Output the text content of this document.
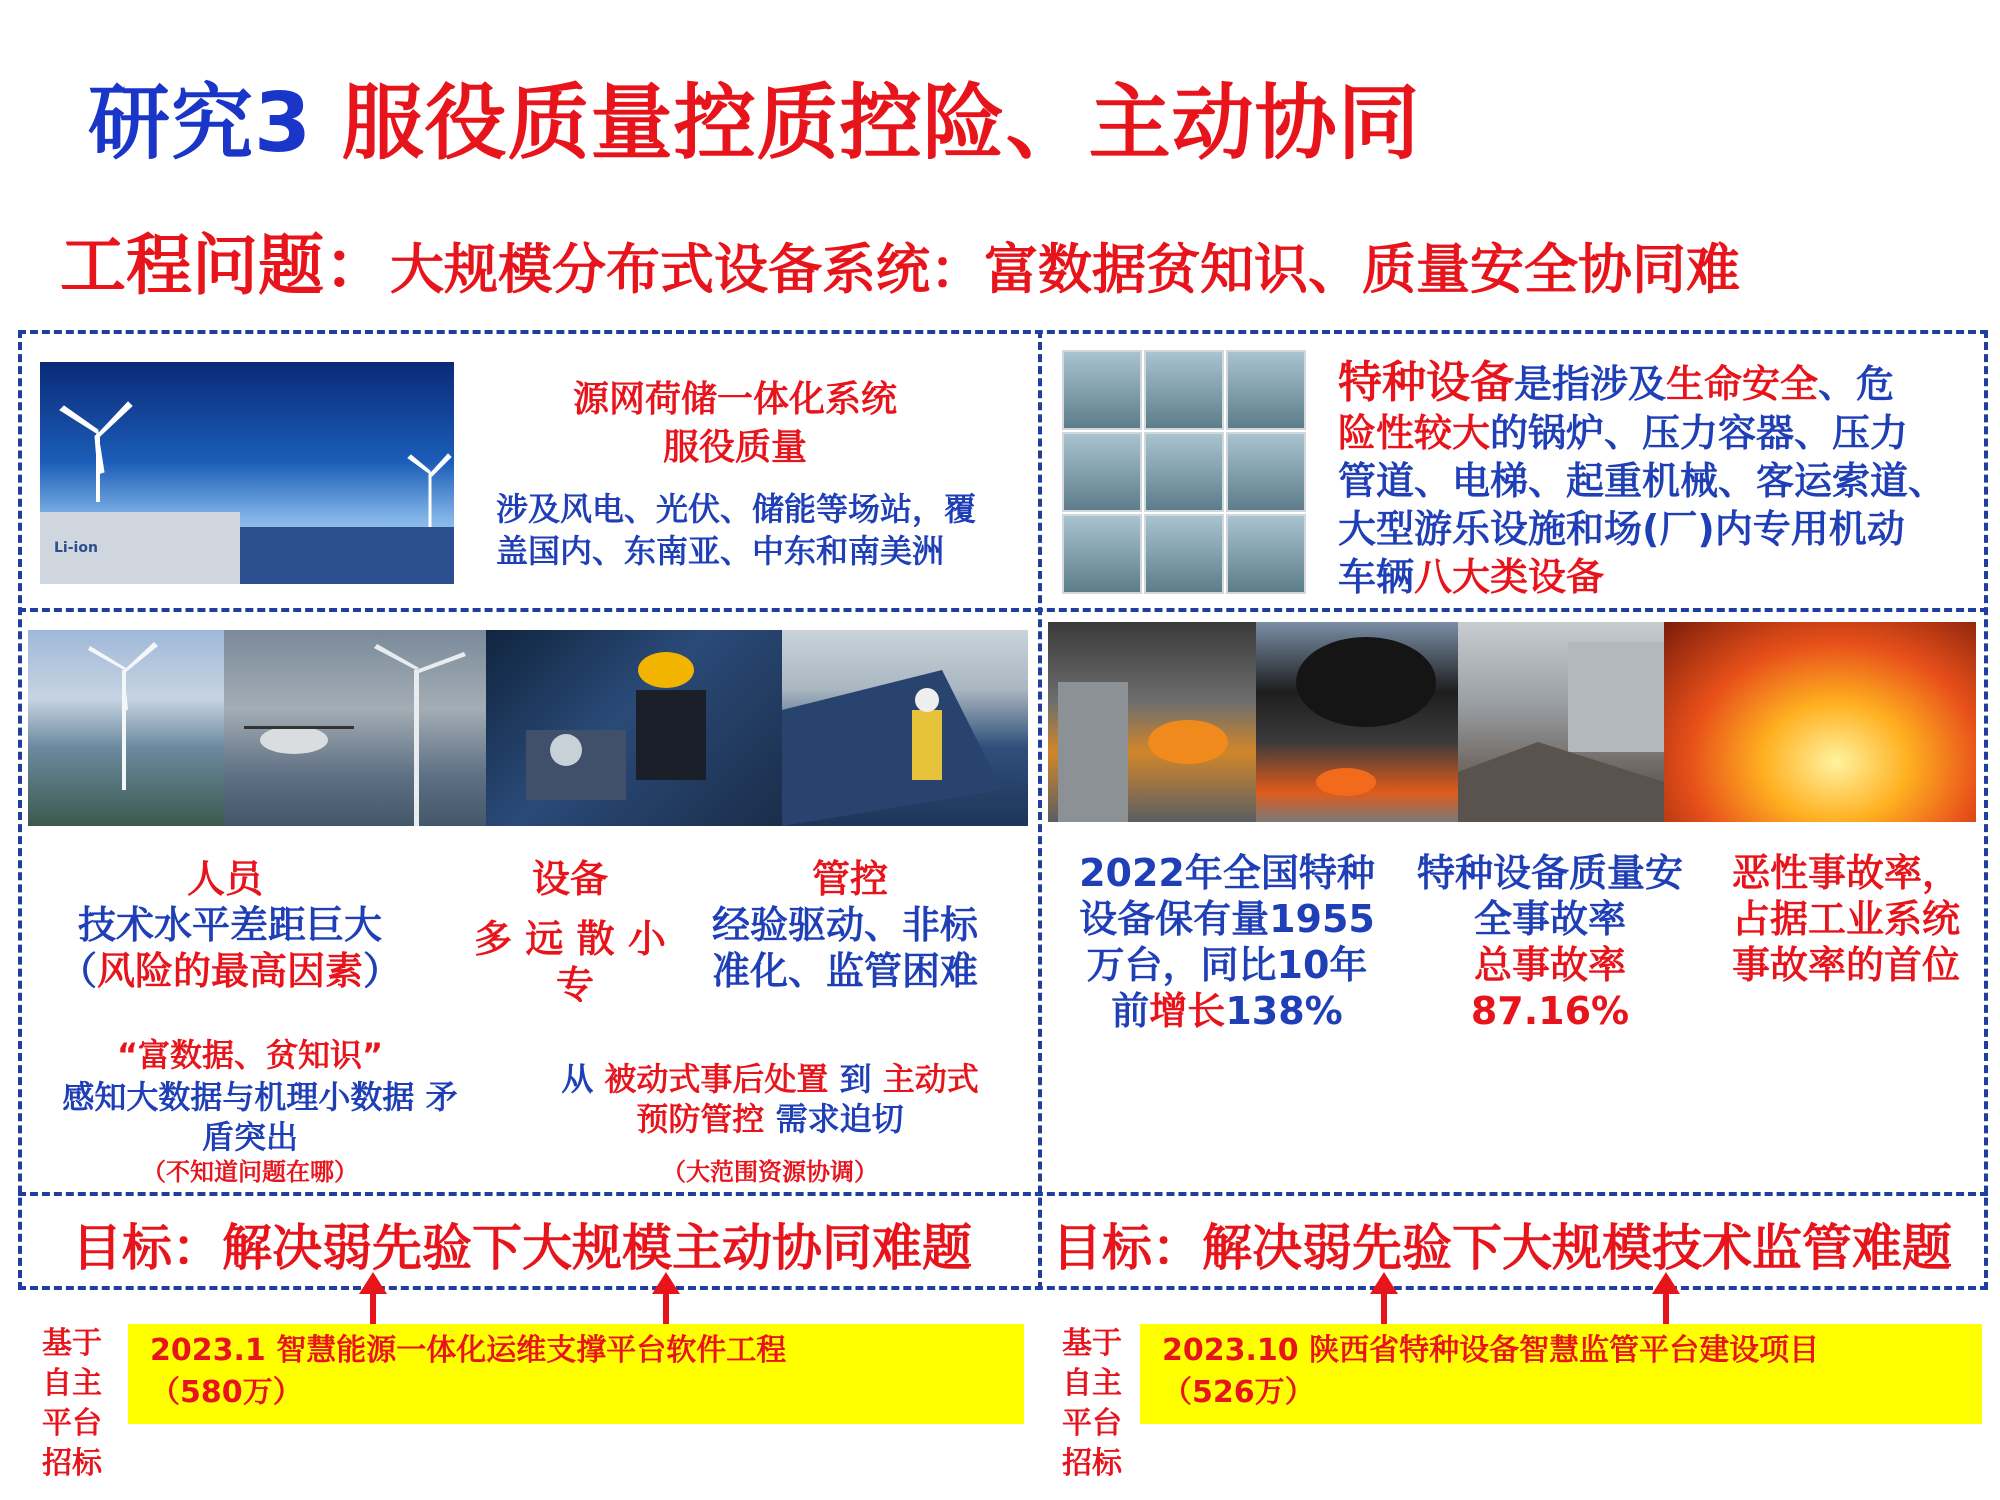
研究3 服役质量控质控险、主动协同
工程问题：大规模分布式设备系统：富数据贫知识、质量安全协同难
Li-ion
源网荷储一体化系统
服役质量
涉及风电、光伏、储能等场站，覆
盖国内、东南亚、中东和南美洲
特种设备是指涉及生命安全、危
险性较大的锅炉、压力容器、压力
管道、电梯、起重机械、客运索道、
大型游乐设施和场(厂)内专用机动
车辆八大类设备
人员
技术水平差距巨大
（风险的最高因素）
设备
多 远 散 小
专
管控
经验驱动、非标
准化、监管困难
“富数据、贫知识”
感知大数据与机理小数据 矛
盾突出
（不知道问题在哪）
从 被动式事后处置 到 主动式
预防管控 需求迫切
（大范围资源协调）
2022年全国特种
设备保有量1955
万台，同比10年
前增长138%
特种设备质量安
全事故率
总事故率
87.16%
恶性事故率，
占据工业系统
事故率的首位
目标：解决弱先验下大规模主动协同难题 目标：解决弱先验下大规模技术监管难题
基于
自主
平台
招标
基于
自主
平台
招标
2023.1 智慧能源一体化运维支撑平台软件工程
（580万）
2023.10 陕西省特种设备智慧监管平台建设项目
（526万）
